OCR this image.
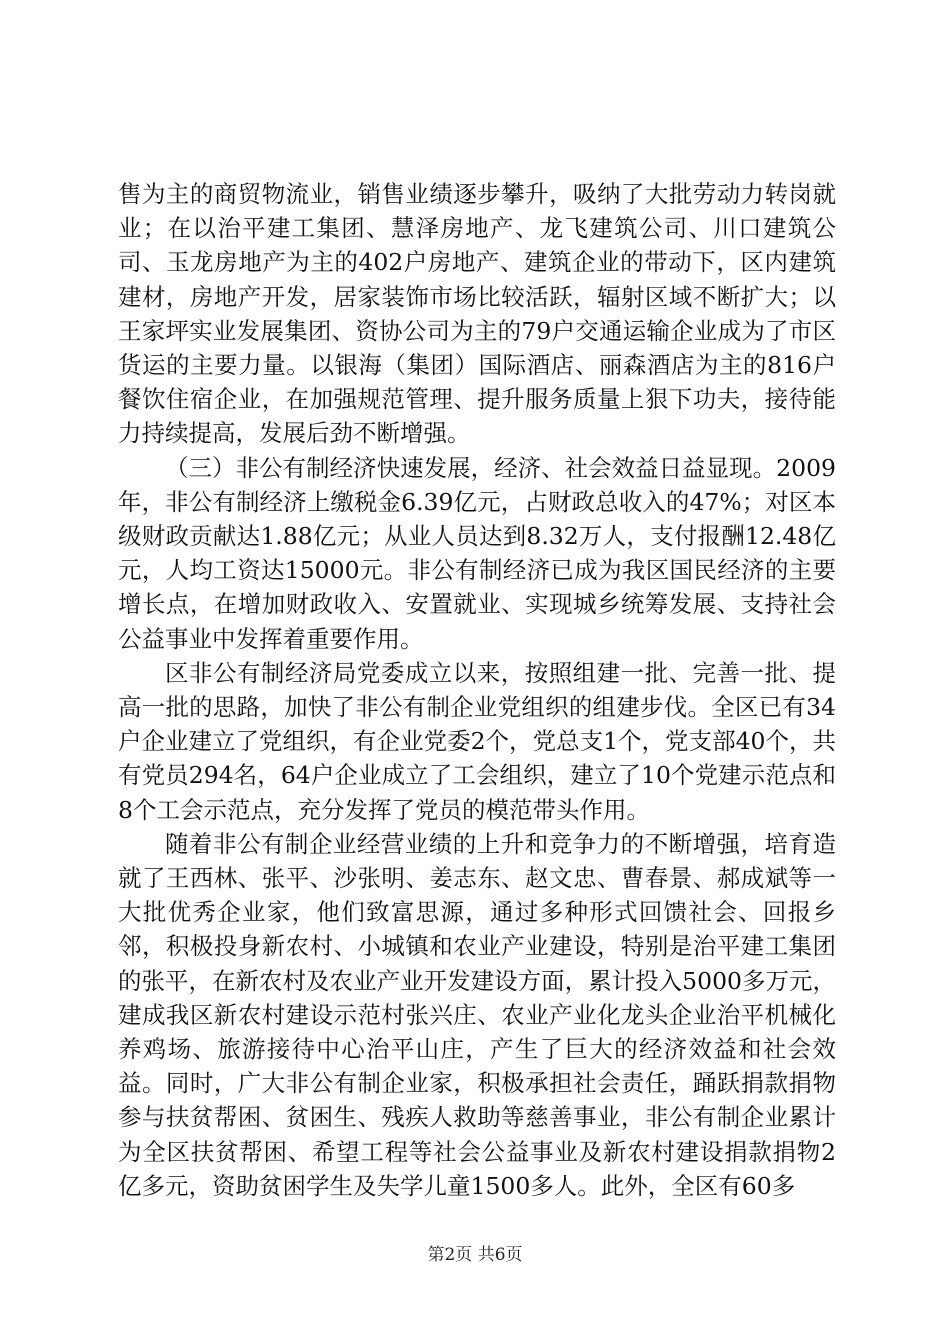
售为主的商贸物流业，销售业绩逐步攀升，吸纳了大批劳动力转岗就业；在以治平建工集团、慧泽房地产、龙飞建筑公司、川口建筑公司、玉龙房地产为主的402户房地产、建筑企业的带动下，区内建筑建材，房地产开发，居家装饰市场比较活跃，辐射区域不断扩大；以王家坪实业发展集团、资协公司为主的79户交通运输企业成为了市区货运的主要力量。以银海（集团）国际酒店、丽森酒店为主的816户餐饮住宿企业，在加强规范管理、提升服务质量上狠下功夫，接待能力持续提高，发展后劲不断增强。

（三）非公有制经济快速发展，经济、社会效益日益显现。2009年，非公有制经济上缴税金6.39亿元，占财政总收入的47%；对区本级财政贡献达1.88亿元；从业人员达到8.32万人，支付报酬12.48亿元，人均工资达15000元。非公有制经济已成为我区国民经济的主要增长点，在增加财政收入、安置就业、实现城乡统筹发展、支持社会公益事业中发挥着重要作用。

区非公有制经济局党委成立以来，按照组建一批、完善一批、提高一批的思路，加快了非公有制企业党组织的组建步伐。全区已有34户企业建立了党组织，有企业党委2个，党总支1个，党支部40个，共有党员294名，64户企业成立了工会组织，建立了10个党建示范点和8个工会示范点，充分发挥了党员的模范带头作用。

随着非公有制企业经营业绩的上升和竞争力的不断增强，培育造就了王西林、张平、沙张明、姜志东、赵文忠、曹春景、郝成斌等一大批优秀企业家，他们致富思源，通过多种形式回馈社会、回报乡邻，积极投身新农村、小城镇和农业产业建设，特别是治平建工集团的张平，在新农村及农业产业开发建设方面，累计投入5000多万元，建成我区新农村建设示范村张兴庄、农业产业化龙头企业治平机械化养鸡场、旅游接待中心治平山庄，产生了巨大的经济效益和社会效益。同时，广大非公有制企业家，积极承担社会责任，踊跃捐款捐物参与扶贫帮困、贫困生、残疾人救助等慈善事业，非公有制企业累计为全区扶贫帮困、希望工程等社会公益事业及新农村建设捐款捐物2亿多元，资助贫困学生及失学儿童1500多人。此外，全区有60多

第2页 共6页
